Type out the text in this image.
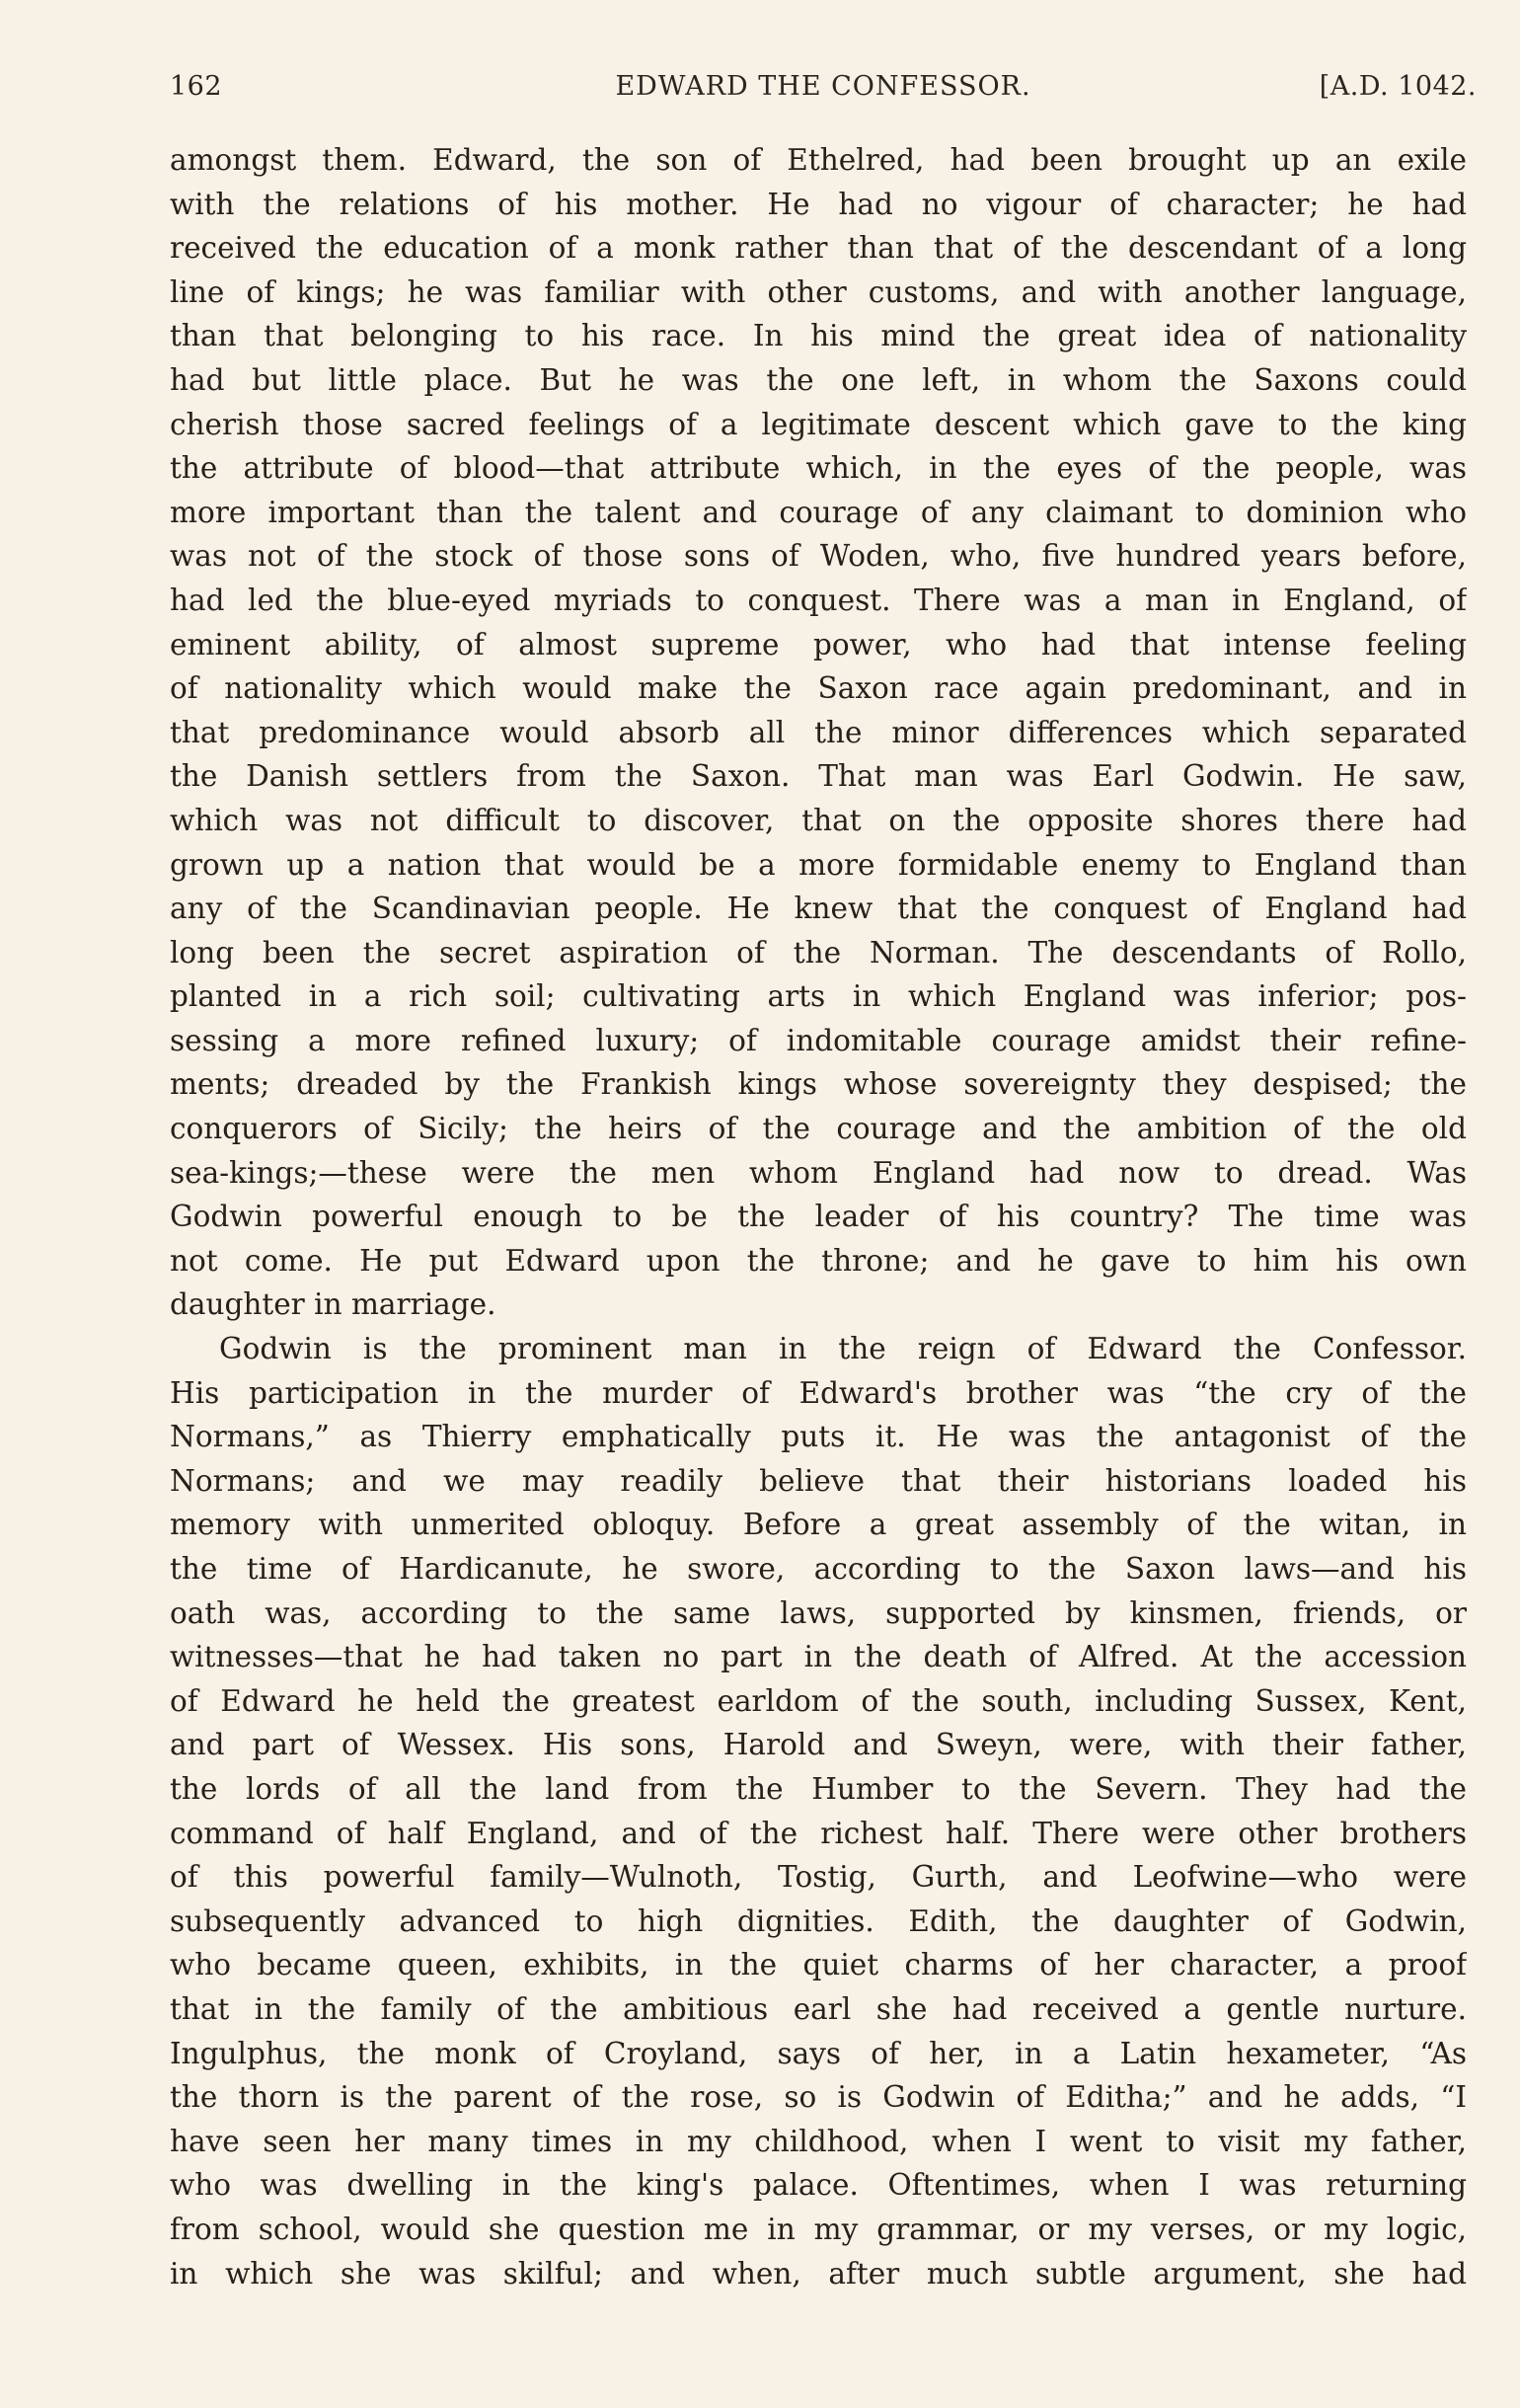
162	EDWARD THE CONFESSOR.	[A.D. 1042.
amongst them. Edward, the son of Ethelred, had been brought up an exile
with the relations of his mother. He had no vigour of character; he had
received the education of a monk rather than that of the descendant of a long
line of kings; he was familiar with other customs, and with another language,
than that belonging to his race. In his mind the great idea of nationality
had but little place. But he was the one left, in whom the Saxons could
cherish those sacred feelings of a legitimate descent which gave to the king
the attribute of blood—that attribute which, in the eyes of the people, was
more important than the talent and courage of any claimant to dominion who
was not of the stock of those sons of Woden, who, five hundred years before,
had led the blue-eyed myriads to conquest. There was a man in England, of
eminent ability, of almost supreme power, who had that intense feeling
of nationality which would make the Saxon race again predominant, and in
that predominance would absorb all the minor differences which separated
the Danish settlers from the Saxon. That man was Earl Godwin. He saw,
which was not difficult to discover, that on the opposite shores there had
grown up a nation that would be a more formidable enemy to England than
any of the Scandinavian people. He knew that the conquest of England had
long been the secret aspiration of the Norman. The descendants of Rollo,
planted in a rich soil; cultivating arts in which England was inferior; pos-
sessing a more refined luxury; of indomitable courage amidst their refine-
ments; dreaded by the Frankish kings whose sovereignty they despised; the
conquerors of Sicily; the heirs of the courage and the ambition of the old
sea-kings;—these were the men whom England had now to dread. Was
Godwin powerful enough to be the leader of his country? The time was
not come. He put Edward upon the throne; and he gave to him his own
daughter in marriage.
Godwin is the prominent man in the reign of Edward the Confessor.
His participation in the murder of Edward's brother was “the cry of the
Normans,” as Thierry emphatically puts it. He was the antagonist of the
Normans; and we may readily believe that their historians loaded his
memory with unmerited obloquy. Before a great assembly of the witan, in
the time of Hardicanute, he swore, according to the Saxon laws—and his
oath was, according to the same laws, supported by kinsmen, friends, or
witnesses—that he had taken no part in the death of Alfred. At the accession
of Edward he held the greatest earldom of the south, including Sussex, Kent,
and part of Wessex. His sons, Harold and Sweyn, were, with their father,
the lords of all the land from the Humber to the Severn. They had the
command of half England, and of the richest half. There were other brothers
of this powerful family—Wulnoth, Tostig, Gurth, and Leofwine—who were
subsequently advanced to high dignities. Edith, the daughter of Godwin,
who became queen, exhibits, in the quiet charms of her character, a proof
that in the family of the ambitious earl she had received a gentle nurture.
Ingulphus, the monk of Croyland, says of her, in a Latin hexameter, “As
the thorn is the parent of the rose, so is Godwin of Editha;” and he adds, “I
have seen her many times in my childhood, when I went to visit my father,
who was dwelling in the king's palace. Oftentimes, when I was returning
from school, would she question me in my grammar, or my verses, or my logic,
in which she was skilful; and when, after much subtle argument, she had
